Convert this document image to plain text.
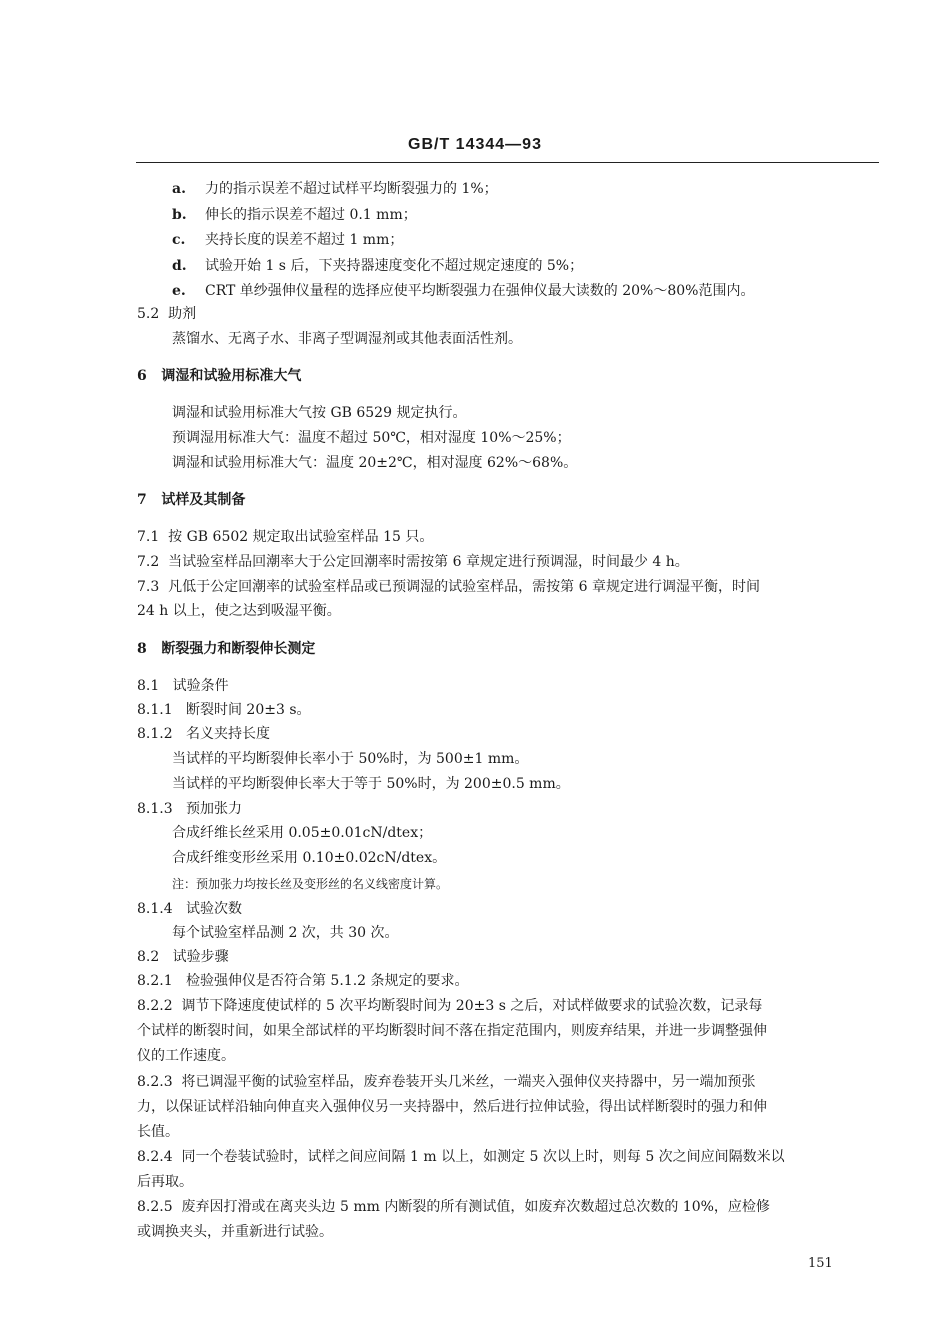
GB/T 14344—93
a. 力的指示误差不超过试样平均断裂强力的 1%；
b. 伸长的指示误差不超过 0.1 mm；
c. 夹持长度的误差不超过 1 mm；
d. 试验开始 1 s 后，下夹持器速度变化不超过规定速度的 5%；
e. CRT 单纱强伸仪量程的选择应使平均断裂强力在强伸仪最大读数的 20%～80%范围内。
5.2 助剂
蒸馏水、无离子水、非离子型调湿剂或其他表面活性剂。
6 调湿和试验用标准大气
调湿和试验用标准大气按 GB 6529 规定执行。
预调湿用标准大气：温度不超过 50℃，相对湿度 10%～25%；
调湿和试验用标准大气：温度 20±2℃，相对湿度 62%～68%。
7 试样及其制备
7.1 按 GB 6502 规定取出试验室样品 15 只。
7.2 当试验室样品回潮率大于公定回潮率时需按第 6 章规定进行预调湿，时间最少 4 h。
7.3 凡低于公定回潮率的试验室样品或已预调湿的试验室样品，需按第 6 章规定进行调湿平衡，时间
24 h 以上，使之达到吸湿平衡。
8 断裂强力和断裂伸长测定
8.1 试验条件
8.1.1 断裂时间 20±3 s。
8.1.2 名义夹持长度
当试样的平均断裂伸长率小于 50%时，为 500±1 mm。
当试样的平均断裂伸长率大于等于 50%时，为 200±0.5 mm。
8.1.3 预加张力
合成纤维长丝采用 0.05±0.01cN/dtex；
合成纤维变形丝采用 0.10±0.02cN/dtex。
注：预加张力均按长丝及变形丝的名义线密度计算。
8.1.4 试验次数
每个试验室样品测 2 次，共 30 次。
8.2 试验步骤
8.2.1 检验强伸仪是否符合第 5.1.2 条规定的要求。
8.2.2 调节下降速度使试样的 5 次平均断裂时间为 20±3 s 之后，对试样做要求的试验次数，记录每
个试样的断裂时间，如果全部试样的平均断裂时间不落在指定范围内，则废弃结果，并进一步调整强伸
仪的工作速度。
8.2.3 将已调湿平衡的试验室样品，废弃卷装开头几米丝，一端夹入强伸仪夹持器中，另一端加预张
力，以保证试样沿轴向伸直夹入强伸仪另一夹持器中，然后进行拉伸试验，得出试样断裂时的强力和伸
长值。
8.2.4 同一个卷装试验时，试样之间应间隔 1 m 以上，如测定 5 次以上时，则每 5 次之间应间隔数米以
后再取。
8.2.5 废弃因打滑或在离夹头边 5 mm 内断裂的所有测试值，如废弃次数超过总次数的 10%，应检修
或调换夹头，并重新进行试验。
151
